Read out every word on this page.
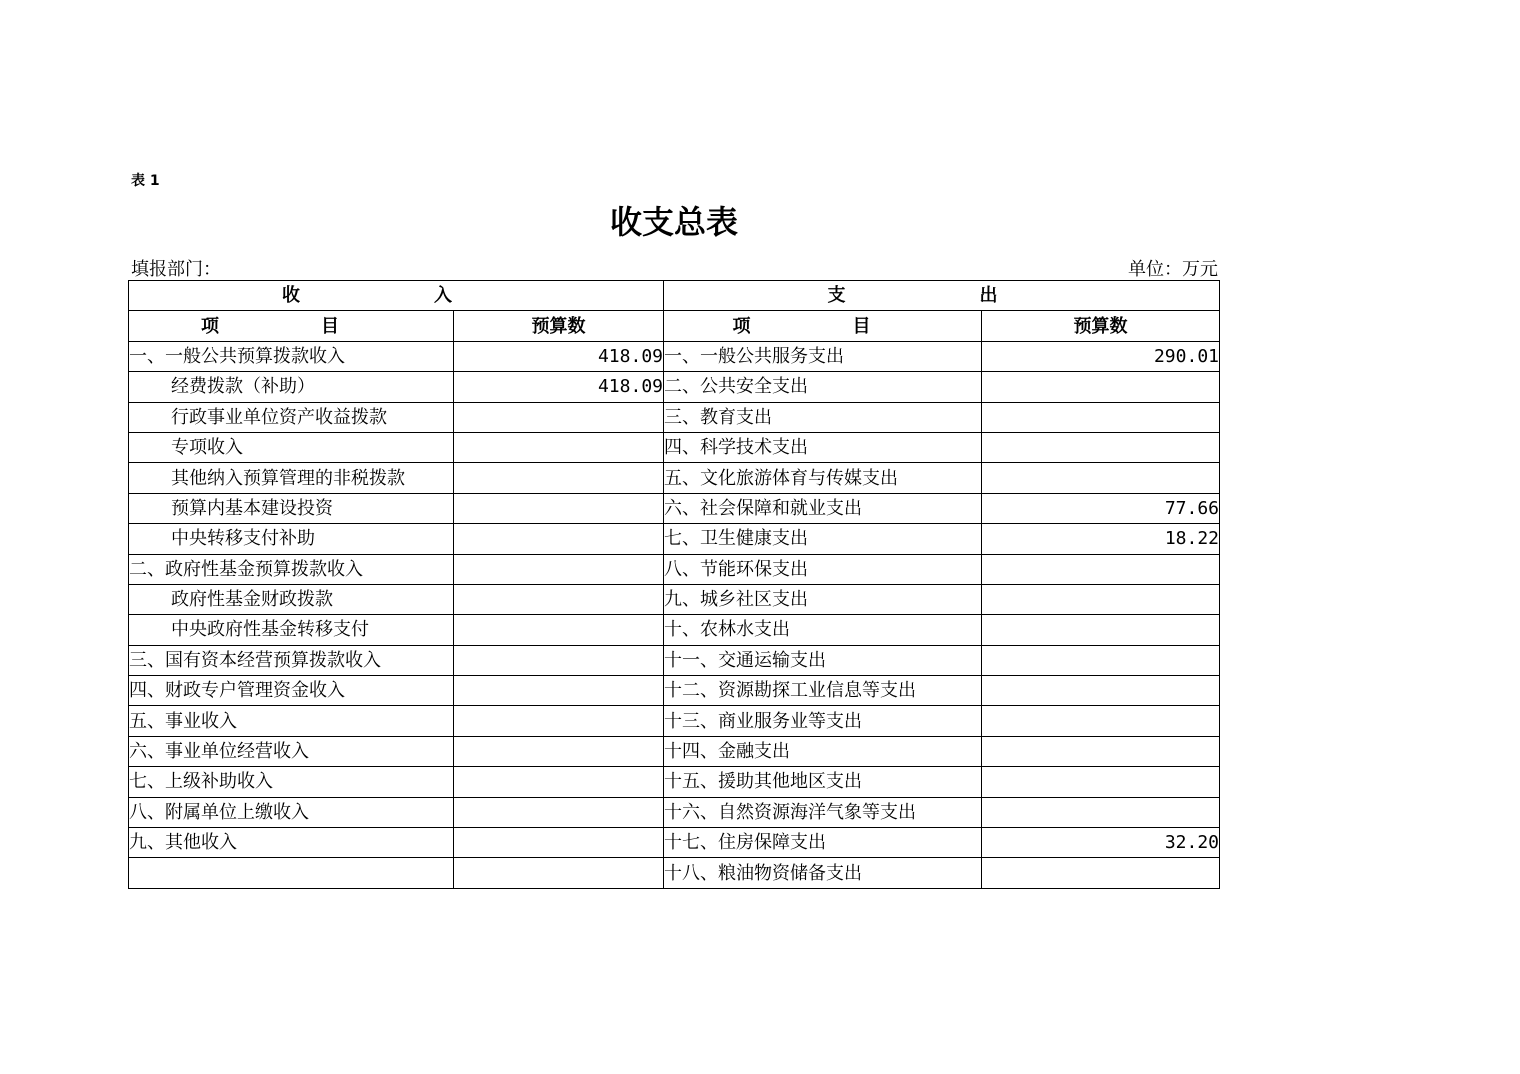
表 1
收支总表
填报部门：	单位：万元
收　入		支　出	
项　目	预算数	项　目	预算数
一、一般公共预算拨款收入	418.09	一、一般公共服务支出	290.01
经费拨款（补助）	418.09	二、公共安全支出	
行政事业单位资产收益拨款		三、教育支出	
专项收入		四、科学技术支出	
其他纳入预算管理的非税拨款		五、文化旅游体育与传媒支出	
预算内基本建设投资		六、社会保障和就业支出	77.66
中央转移支付补助		七、卫生健康支出	18.22
二、政府性基金预算拨款收入		八、节能环保支出	
政府性基金财政拨款		九、城乡社区支出	
中央政府性基金转移支付		十、农林水支出	
三、国有资本经营预算拨款收入		十一、交通运输支出	
四、财政专户管理资金收入		十二、资源勘探工业信息等支出	
五、事业收入		十三、商业服务业等支出	
六、事业单位经营收入		十四、金融支出	
七、上级补助收入		十五、援助其他地区支出	
八、附属单位上缴收入		十六、自然资源海洋气象等支出	
九、其他收入		十七、住房保障支出	32.20
		十八、粮油物资储备支出	
